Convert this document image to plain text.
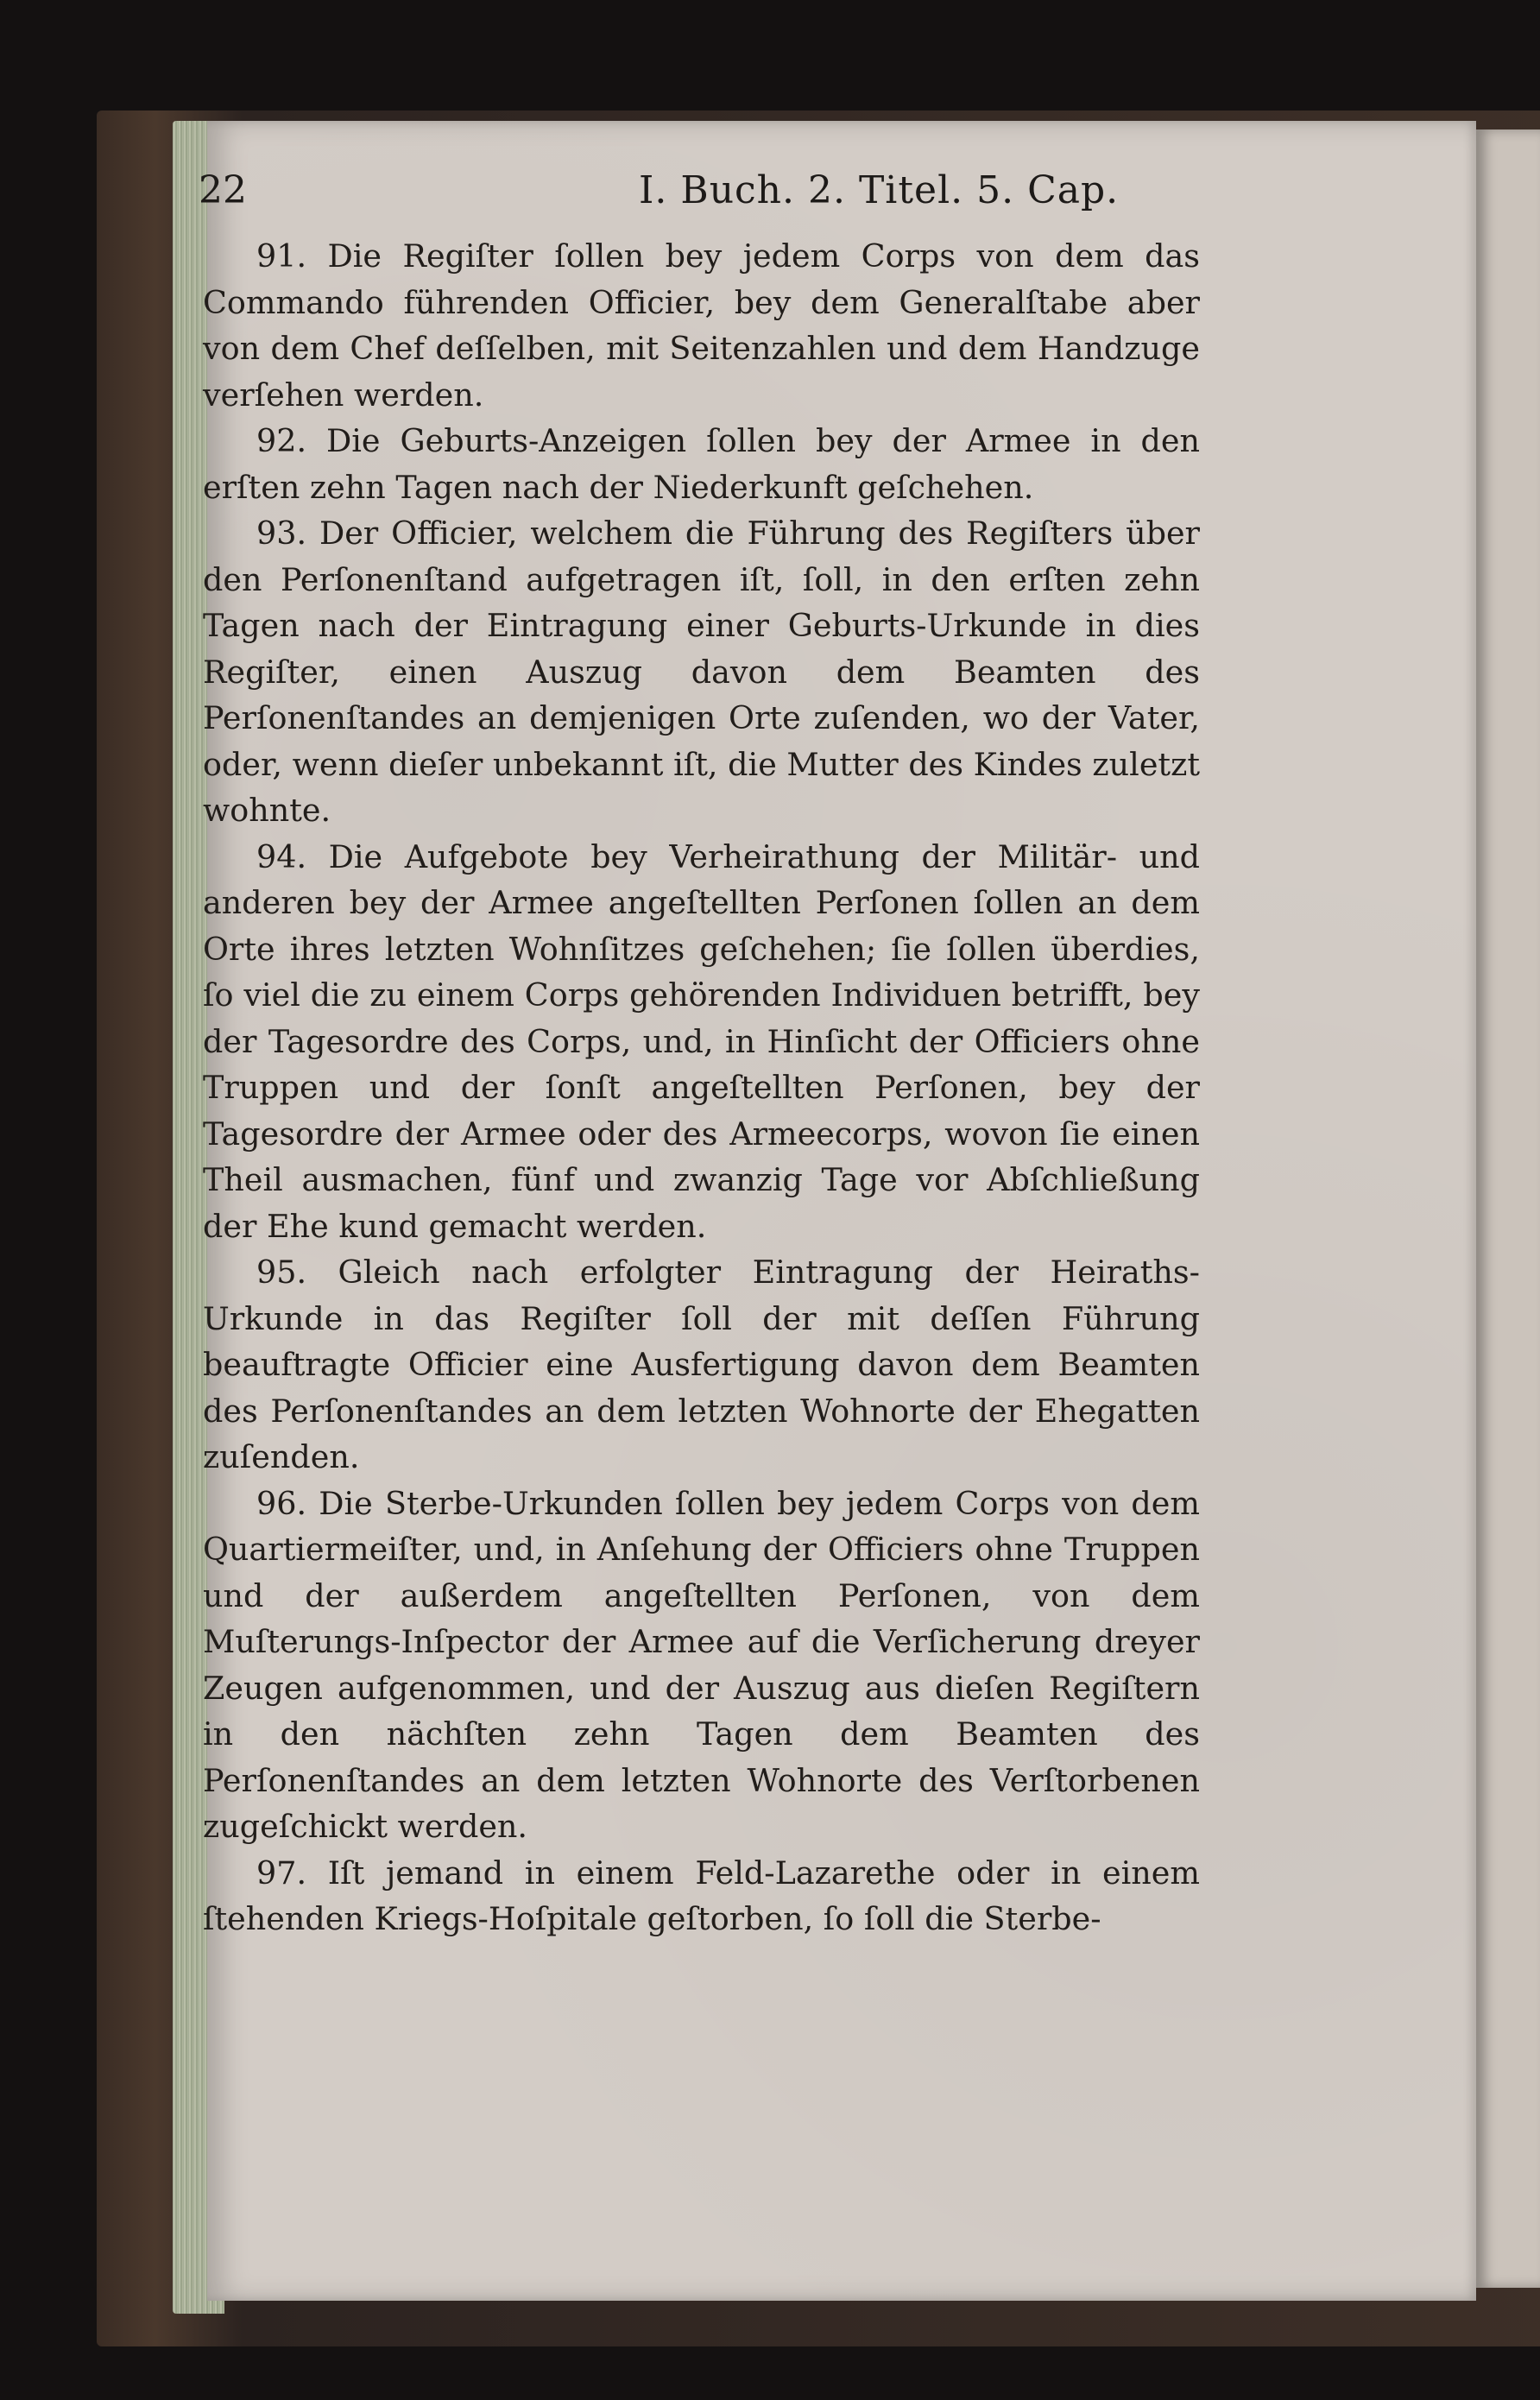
22	I. Buch. 2. Titel. 5. Cap.

91. Die Regiſter ſollen bey jedem Corps von dem das Commando führenden Officier, bey dem Generalſtabe aber von dem Chef deſſelben, mit Seitenzahlen und dem Handzuge verſehen werden.

92. Die Geburts-Anzeigen ſollen bey der Armee in den erſten zehn Tagen nach der Niederkunft geſchehen.

93. Der Officier, welchem die Führung des Regiſters über den Perſonenſtand aufgetragen iſt, ſoll, in den erſten zehn Tagen nach der Eintragung einer Geburts-Urkunde in dies Regiſter, einen Auszug davon dem Beamten des Perſonenſtandes an demjenigen Orte zuſenden, wo der Vater, oder, wenn dieſer unbekannt iſt, die Mutter des Kindes zuletzt wohnte.

94. Die Aufgebote bey Verheirathung der Militär- und anderen bey der Armee angeſtellten Perſonen ſollen an dem Orte ihres letzten Wohnſitzes geſchehen; ſie ſollen überdies, ſo viel die zu einem Corps gehörenden Individuen betrifft, bey der Tagesordre des Corps, und, in Hinſicht der Officiers ohne Truppen und der ſonſt angeſtellten Perſonen, bey der Tagesordre der Armee oder des Armeecorps, wovon ſie einen Theil ausmachen, fünf und zwanzig Tage vor Abſchließung der Ehe kund gemacht werden.

95. Gleich nach erfolgter Eintragung der Heiraths-Urkunde in das Regiſter ſoll der mit deſſen Führung beauftragte Officier eine Ausfertigung davon dem Beamten des Perſonenſtandes an dem letzten Wohnorte der Ehegatten zuſenden.

96. Die Sterbe-Urkunden ſollen bey jedem Corps von dem Quartiermeiſter, und, in Anſehung der Officiers ohne Truppen und der außerdem angeſtellten Perſonen, von dem Muſterungs-Inſpector der Armee auf die Verſicherung dreyer Zeugen aufgenommen, und der Auszug aus dieſen Regiſtern in den nächſten zehn Tagen dem Beamten des Perſonenſtandes an dem letzten Wohnorte des Verſtorbenen zugeſchickt werden.

97. Iſt jemand in einem Feld-Lazarethe oder in einem ſtehenden Kriegs-Hoſpitale geſtorben, ſo ſoll die Sterbe-
